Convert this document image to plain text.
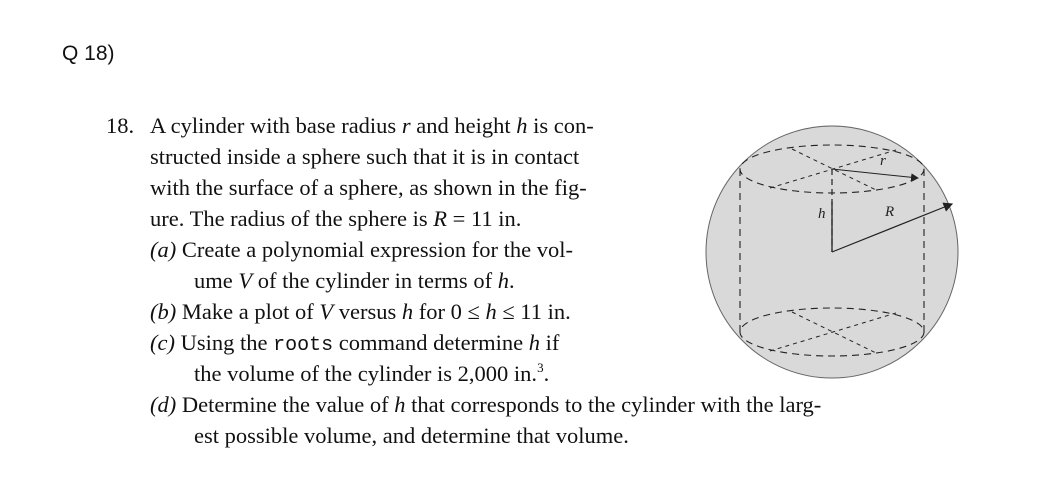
Q 18)
18. A cylinder with base radius r and height h is con-
structed inside a sphere such that it is in contact
with the surface of a sphere, as shown in the fig-
ure. The radius of the sphere is R = 11 in.
(a) Create a polynomial expression for the vol-
ume V of the cylinder in terms of h.
(b) Make a plot of V versus h for 0 ≤ h ≤ 11 in.
(c) Using the roots command determine h if
the volume of the cylinder is 2,000 in.$^3$.
(d) Determine the value of h that corresponds to the cylinder with the larg-
est possible volume, and determine that volume.
r
h	R
